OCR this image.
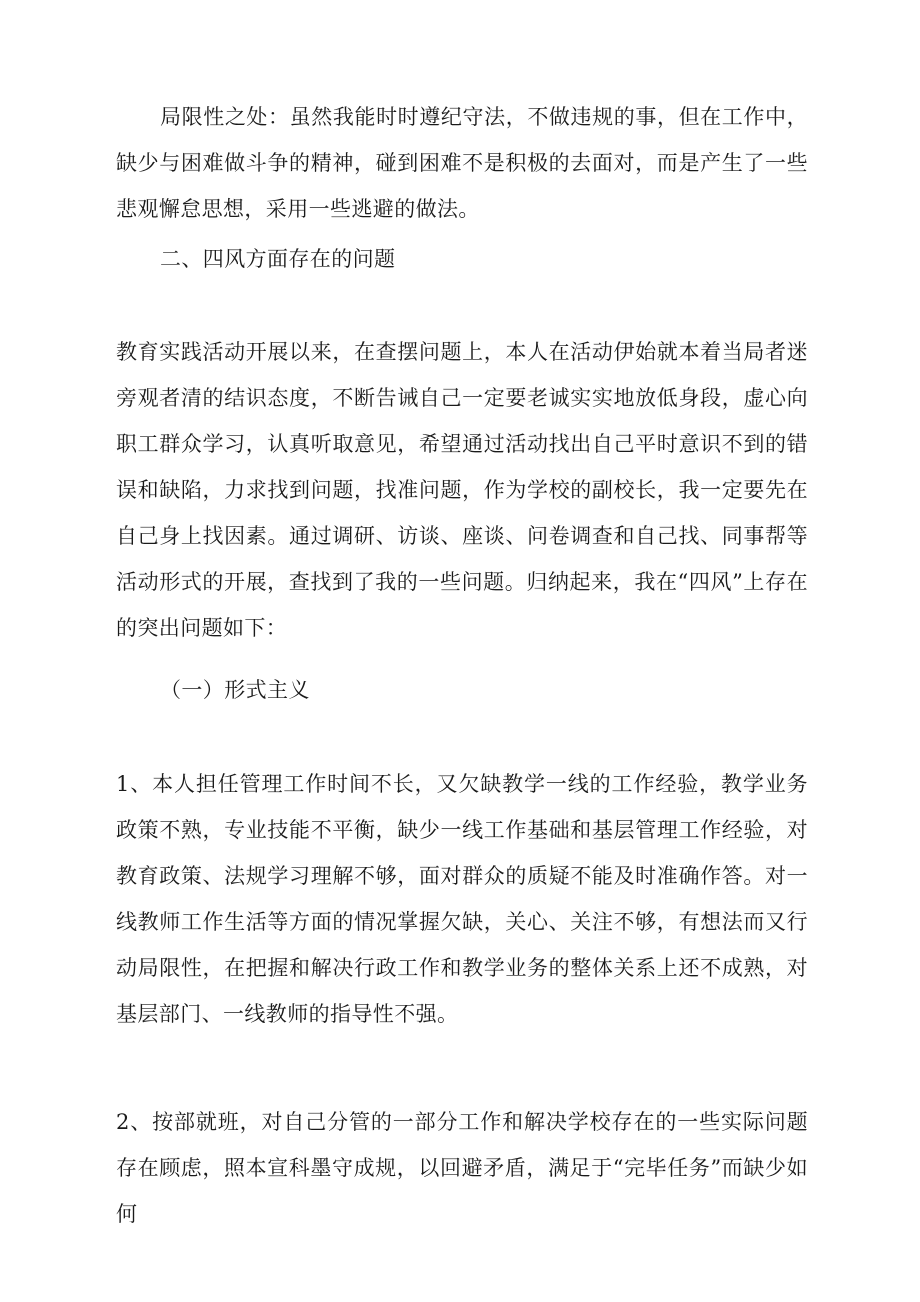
局限性之处：虽然我能时时遵纪守法，不做违规的事，但在工作中，缺少与困难做斗争的精神，碰到困难不是积极的去面对，而是产生了一些悲观懈怠思想，采用一些逃避的做法。

二、四风方面存在的问题

教育实践活动开展以来，在查摆问题上，本人在活动伊始就本着当局者迷旁观者清的结识态度，不断告诫自己一定要老诚实实地放低身段，虚心向职工群众学习，认真听取意见，希望通过活动找出自己平时意识不到的错误和缺陷，力求找到问题，找准问题，作为学校的副校长，我一定要先在自己身上找因素。通过调研、访谈、座谈、问卷调查和自己找、同事帮等活动形式的开展，查找到了我的一些问题。归纳起来，我在“四风”上存在的突出问题如下：

（一）形式主义

1、本人担任管理工作时间不长，又欠缺教学一线的工作经验，教学业务政策不熟，专业技能不平衡，缺少一线工作基础和基层管理工作经验，对教育政策、法规学习理解不够，面对群众的质疑不能及时准确作答。对一线教师工作生活等方面的情况掌握欠缺，关心、关注不够，有想法而又行动局限性，在把握和解决行政工作和教学业务的整体关系上还不成熟，对基层部门、一线教师的指导性不强。

2、按部就班，对自己分管的一部分工作和解决学校存在的一些实际问题存在顾虑，照本宣科墨守成规，以回避矛盾，满足于“完毕任务”而缺少如何
